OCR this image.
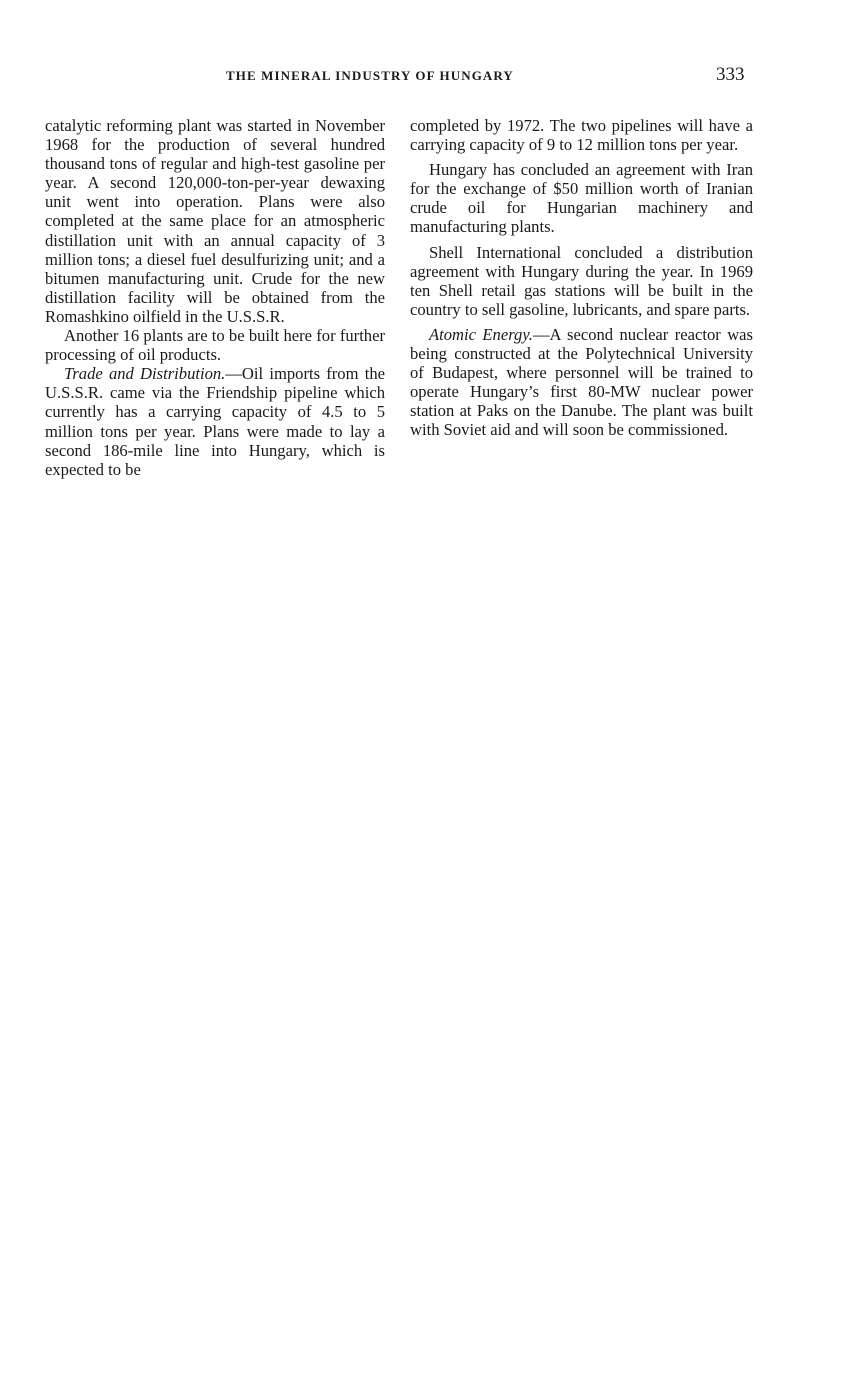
THE MINERAL INDUSTRY OF HUNGARY	333

catalytic reforming plant was started in November 1968 for the production of several hundred thousand tons of regular and high-test gasoline per year. A second 120,000-ton-per-year dewaxing unit went into operation. Plans were also completed at the same place for an atmospheric distillation unit with an annual capacity of 3 million tons; a diesel fuel desulfurizing unit; and a bitumen manufacturing unit. Crude for the new distillation facility will be obtained from the Romashkino oilfield in the U.S.S.R.

Another 16 plants are to be built here for further processing of oil products.

Trade and Distribution.—Oil imports from the U.S.S.R. came via the Friendship pipeline which currently has a carrying capacity of 4.5 to 5 million tons per year. Plans were made to lay a second 186-mile line into Hungary, which is expected to be

completed by 1972. The two pipelines will have a carrying capacity of 9 to 12 million tons per year.

Hungary has concluded an agreement with Iran for the exchange of $50 million worth of Iranian crude oil for Hungarian machinery and manufacturing plants.

Shell International concluded a distribution agreement with Hungary during the year. In 1969 ten Shell retail gas stations will be built in the country to sell gasoline, lubricants, and spare parts.

Atomic Energy.—A second nuclear reactor was being constructed at the Polytechnical University of Budapest, where personnel will be trained to operate Hungary’s first 80-MW nuclear power station at Paks on the Danube. The plant was built with Soviet aid and will soon be commissioned.
